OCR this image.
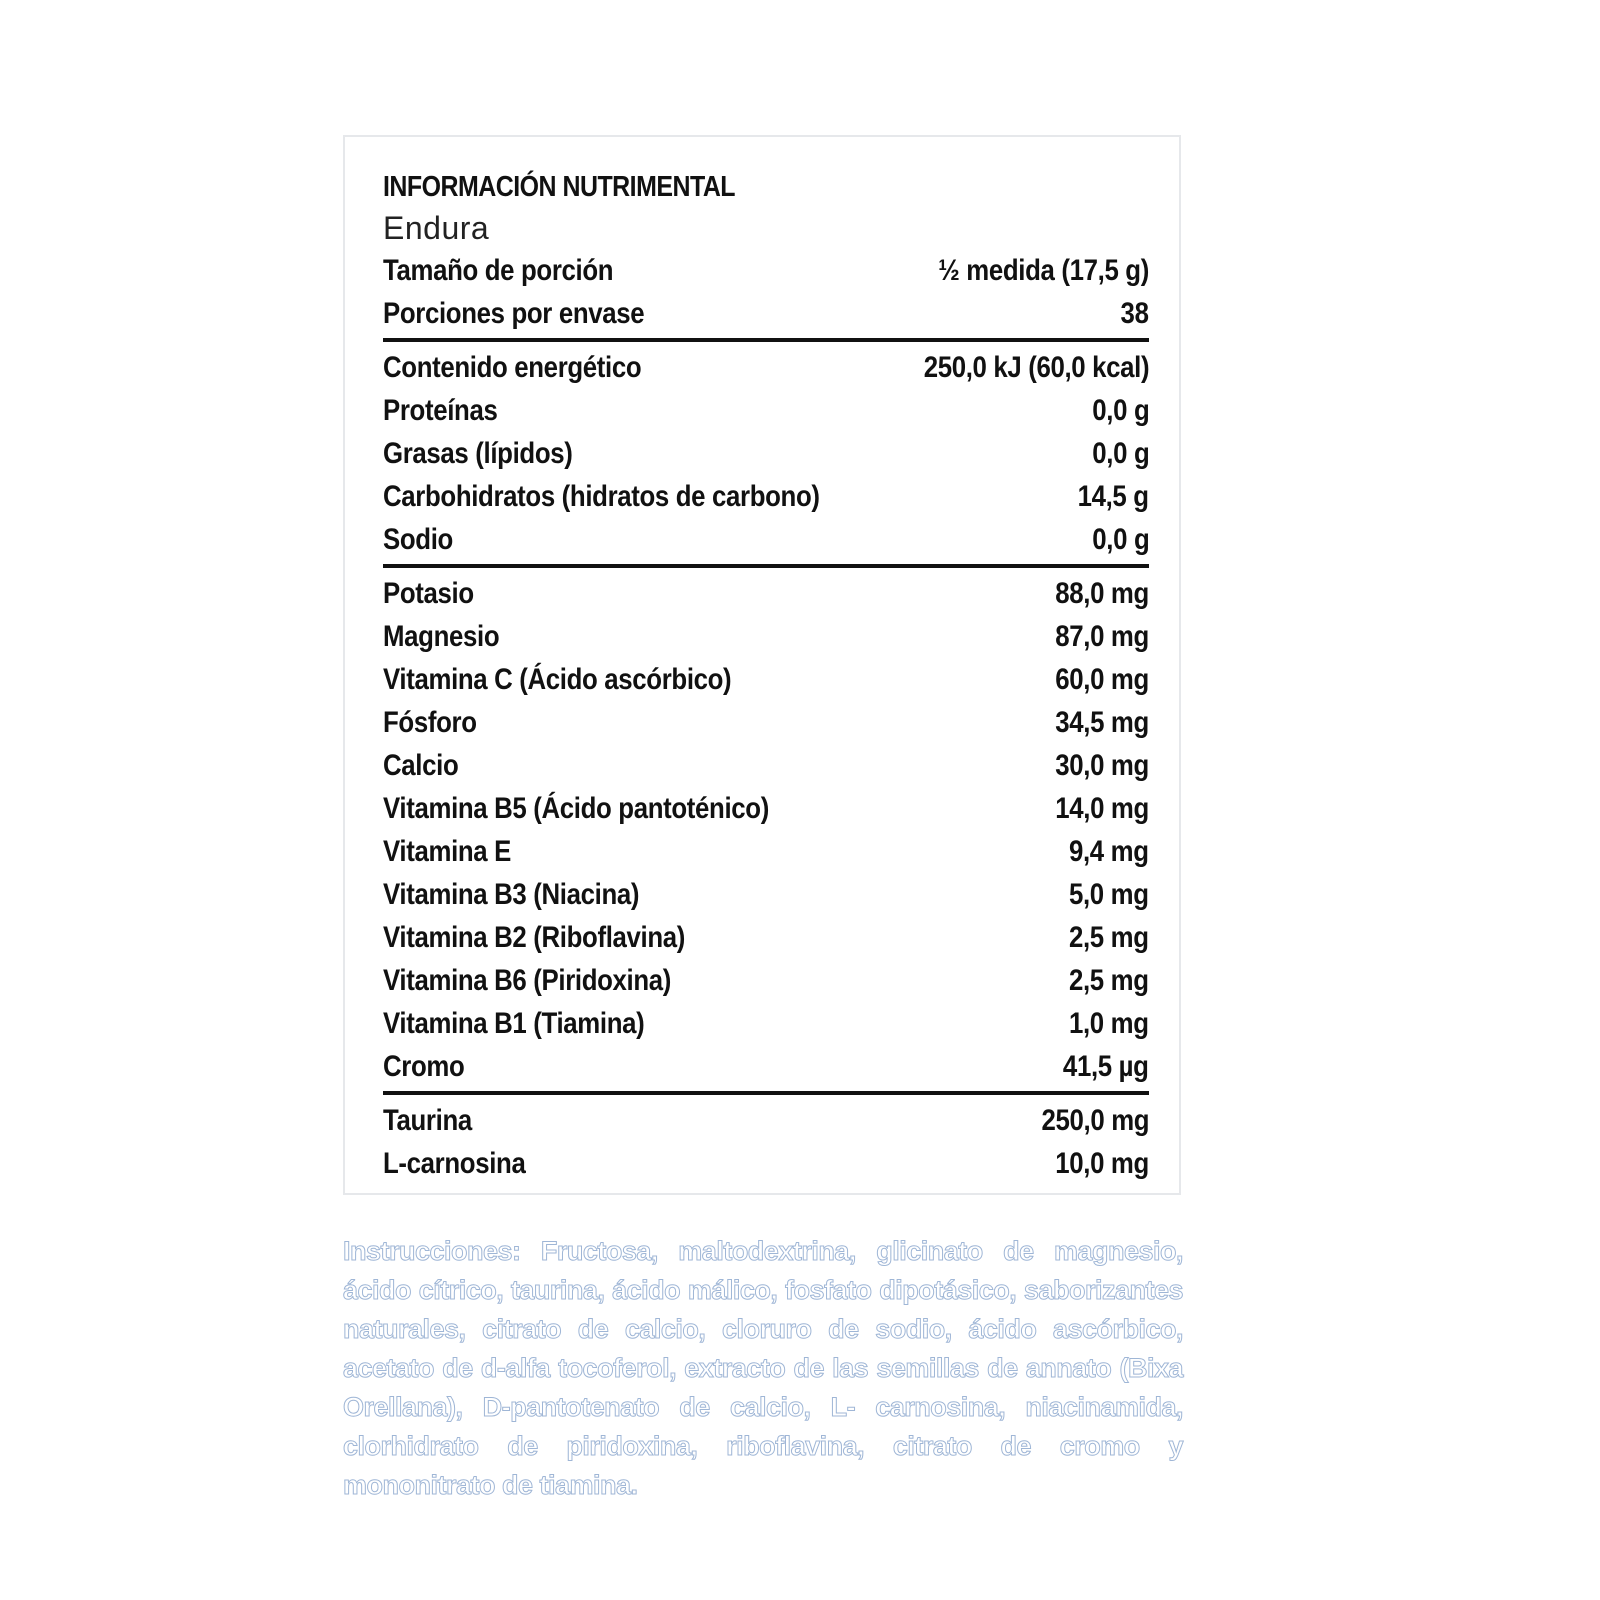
INFORMACIÓN NUTRIMENTAL
Endura
Tamaño de porción	½ medida (17,5 g)
Porciones por envase	38
Contenido energético	250,0 kJ (60,0 kcal)
Proteínas	0,0 g
Grasas (lípidos)	0,0 g
Carbohidratos (hidratos de carbono)	14,5 g
Sodio	0,0 g
Potasio	88,0 mg
Magnesio	87,0 mg
Vitamina C (Ácido ascórbico)	60,0 mg
Fósforo	34,5 mg
Calcio	30,0 mg
Vitamina B5 (Ácido pantoténico)	14,0 mg
Vitamina E	9,4 mg
Vitamina B3 (Niacina)	5,0 mg
Vitamina B2 (Riboflavina)	2,5 mg
Vitamina B6 (Piridoxina)	2,5 mg
Vitamina B1 (Tiamina)	1,0 mg
Cromo	41,5 µg
Taurina	250,0 mg
L-carnosina	10,0 mg
Instrucciones: Fructosa, maltodextrina, glicinato de magnesio, ácido cítrico, taurina, ácido málico, fosfato dipotásico, saborizantes naturales, citrato de calcio, cloruro de sodio, ácido ascórbico, acetato de d-alfa tocoferol, extracto de las semillas de annato (Bixa Orellana), D-pantotenato de calcio, L- carnosina, niacinamida, clorhidrato de piridoxina, riboflavina, citrato de cromo y mononitrato de tiamina.
